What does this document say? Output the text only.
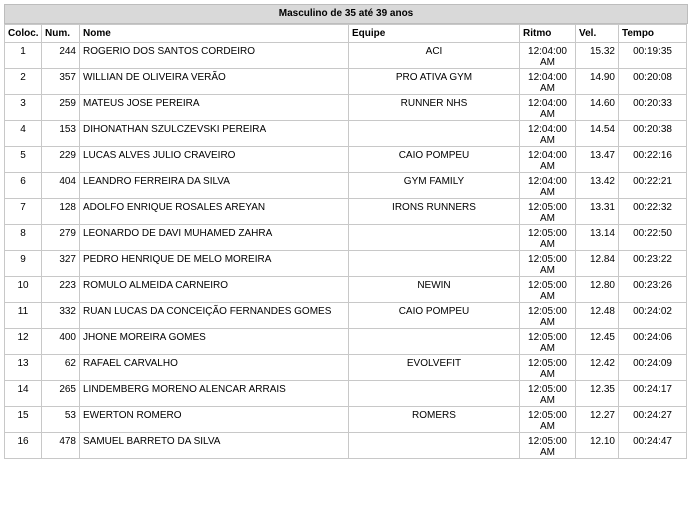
Masculino de 35 até 39 anos
Coloc.	Num.	Nome	Equipe	Ritmo	Vel.	Tempo
1	244	ROGERIO DOS SANTOS CORDEIRO	ACI	12:04:00 AM	15.32	00:19:35
2	357	WILLIAN DE OLIVEIRA VERÃO	PRO ATIVA GYM	12:04:00 AM	14.90	00:20:08
3	259	MATEUS JOSE PEREIRA	RUNNER NHS	12:04:00 AM	14.60	00:20:33
4	153	DIHONATHAN SZULCZEVSKI PEREIRA		12:04:00 AM	14.54	00:20:38
5	229	LUCAS ALVES JULIO CRAVEIRO	CAIO POMPEU	12:04:00 AM	13.47	00:22:16
6	404	LEANDRO FERREIRA DA SILVA	GYM FAMILY	12:04:00 AM	13.42	00:22:21
7	128	ADOLFO ENRIQUE ROSALES AREYAN	IRONS RUNNERS	12:05:00 AM	13.31	00:22:32
8	279	LEONARDO DE DAVI MUHAMED ZAHRA		12:05:00 AM	13.14	00:22:50
9	327	PEDRO HENRIQUE DE MELO MOREIRA		12:05:00 AM	12.84	00:23:22
10	223	ROMULO ALMEIDA CARNEIRO	NEWIN	12:05:00 AM	12.80	00:23:26
11	332	RUAN LUCAS DA CONCEIÇÃO FERNANDES GOMES	CAIO POMPEU	12:05:00 AM	12.48	00:24:02
12	400	JHONE MOREIRA GOMES		12:05:00 AM	12.45	00:24:06
13	62	RAFAEL CARVALHO	EVOLVEFIT	12:05:00 AM	12.42	00:24:09
14	265	LINDEMBERG MORENO ALENCAR ARRAIS		12:05:00 AM	12.35	00:24:17
15	53	EWERTON ROMERO	ROMERS	12:05:00 AM	12.27	00:24:27
16	478	SAMUEL BARRETO DA SILVA		12:05:00 AM	12.10	00:24:47
